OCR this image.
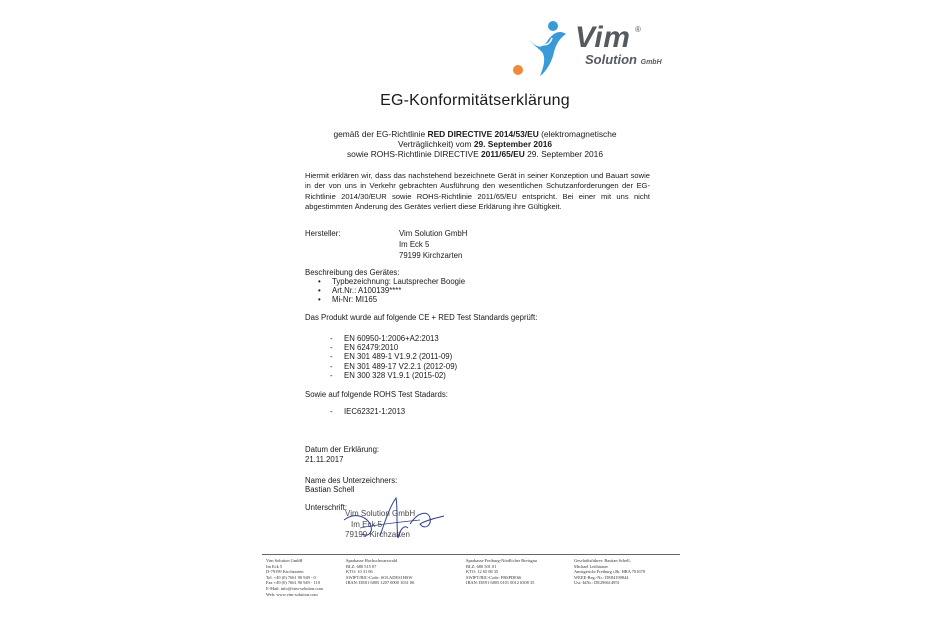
Vim ®
Solution GmbH
EG-Konformitätserklärung
gemäß der EG-Richtlinie RED DIRECTIVE 2014/53/EU (elektromagnetische
Verträglichkeit) vom 29. September 2016
sowie ROHS-Richtlinie DIRECTIVE 2011/65/EU 29. September 2016
Hiermit erklären wir, dass das nachstehend bezeichnete Gerät in seiner Konzeption und Bauart sowie in der von uns in Verkehr gebrachten Ausführung den wesentlichen Schutzanforderungen der EG-Richtlinie 2014/30/EUR sowie ROHS-Richtlinie 2011/65/EU entspricht. Bei einer mit uns nicht abgestimmten Änderung des Gerätes verliert diese Erklärung ihre Gültigkeit.
Hersteller:	Vim Solution GmbH
Im Eck 5
79199 Kirchzarten
Beschreibung des Gerätes:
• Typbezeichnung: Lautsprecher Boogie
• Art.Nr.: A100139****
• Mi-Nr: MI165
Das Produkt wurde auf folgende CE + RED Test Standards geprüft:
- EN 60950-1:2006+A2:2013
- EN 62479:2010
- EN 301 489-1 V1.9.2 (2011-09)
- EN 301 489-17 V2.2.1 (2012-09)
- EN 300 328 V1.9.1 (2015-02)
Sowie auf folgende ROHS Test Stadards:
- IEC62321-1:2013
Datum der Erklärung:
21.11.2017
Name des Unterzeichners:
Bastian Schell
Unterschrift:
Vim Solution GmbH
Im Eck 5
79199 Kirchzarten
Vim Solution GmbH
Im Eck 5
D-79199 Kirchzarten
Tel. +49 (0) 7661 90 949 - 0
Fax +49 (0) 7661 90 949 - 110
E-Mail: info@vim-solution.com
Web: www.vim-solution.com
Sparkasse Hochschwarzwald
BLZ: 680 515 07
KTO: 10 31 06
SWIFT/BIC-Code: SOLADES1HSW
IBAN: DE01 6805 1207 0000 1031 06
Sparkasse Freiburg-Nördlicher Breisgau
BLZ: 680 501 01
KTO: 12 65 08 35
SWIFT/BIC-Code: FRSPDE66
IBAN: DE91 6805 0101 0012 6508 35
Geschäftsführer: Bastian Schell,
Michael Leithäuser
Amtsgericht Freiburg i.Br. HRA 701678
WEEE-Reg.-Nr.: DE84190844
Ust.-IdNr.: DE296614951
